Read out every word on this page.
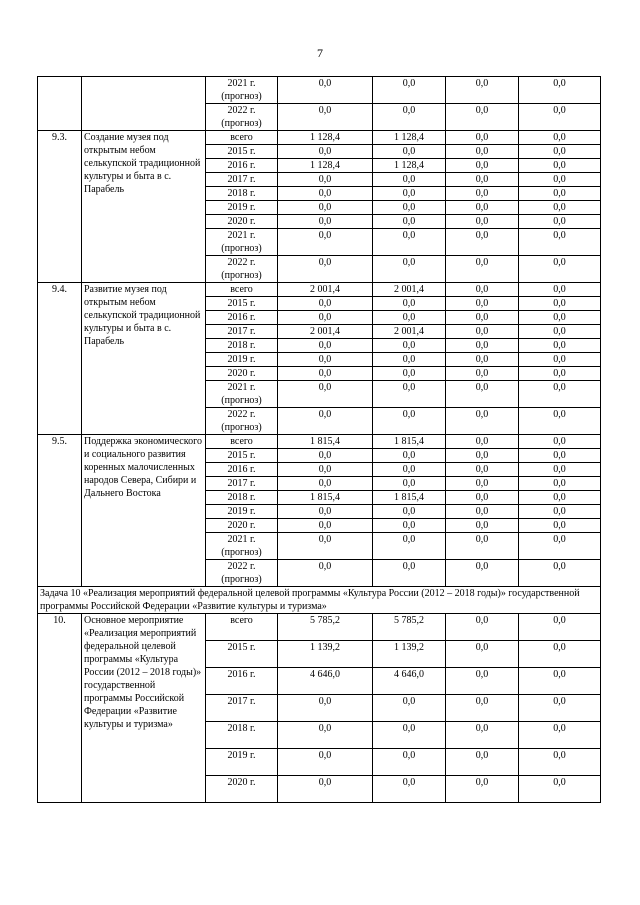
7
		2021 г. (прогноз)	0,0	0,0	0,0	0,0
		2022 г. (прогноз)	0,0	0,0	0,0	0,0
9.3.	Создание музея под открытым небом селькупской традиционной культуры и быта в с. Парабель	всего	1 128,4	1 128,4	0,0	0,0
		2015 г.	0,0	0,0	0,0	0,0
		2016 г.	1 128,4	1 128,4	0,0	0,0
		2017 г.	0,0	0,0	0,0	0,0
		2018 г.	0,0	0,0	0,0	0,0
		2019 г.	0,0	0,0	0,0	0,0
		2020 г.	0,0	0,0	0,0	0,0
		2021 г. (прогноз)	0,0	0,0	0,0	0,0
		2022 г. (прогноз)	0,0	0,0	0,0	0,0
9.4.	Развитие музея под открытым небом селькупской традиционной культуры и быта в с. Парабель	всего	2 001,4	2 001,4	0,0	0,0
		2015 г.	0,0	0,0	0,0	0,0
		2016 г.	0,0	0,0	0,0	0,0
		2017 г.	2 001,4	2 001,4	0,0	0,0
		2018 г.	0,0	0,0	0,0	0,0
		2019 г.	0,0	0,0	0,0	0,0
		2020 г.	0,0	0,0	0,0	0,0
		2021 г. (прогноз)	0,0	0,0	0,0	0,0
		2022 г. (прогноз)	0,0	0,0	0,0	0,0
9.5.	Поддержка экономического и социального развития коренных малочисленных народов Севера, Сибири и Дальнего Востока	всего	1 815,4	1 815,4	0,0	0,0
		2015 г.	0,0	0,0	0,0	0,0
		2016 г.	0,0	0,0	0,0	0,0
		2017 г.	0,0	0,0	0,0	0,0
		2018 г.	1 815,4	1 815,4	0,0	0,0
		2019 г.	0,0	0,0	0,0	0,0
		2020 г.	0,0	0,0	0,0	0,0
		2021 г. (прогноз)	0,0	0,0	0,0	0,0
		2022 г. (прогноз)	0,0	0,0	0,0	0,0
Задача 10 «Реализация мероприятий федеральной целевой программы «Культура России (2012 – 2018 годы)» государственной программы Российской Федерации «Развитие культуры и туризма»						
10.	Основное мероприятие «Реализация мероприятий федеральной целевой программы «Культура России (2012 – 2018 годы)» государственной программы Российской Федерации «Развитие культуры и туризма»	всего	5 785,2	5 785,2	0,0	0,0
		2015 г.	1 139,2	1 139,2	0,0	0,0
		2016 г.	4 646,0	4 646,0	0,0	0,0
		2017 г.	0,0	0,0	0,0	0,0
		2018 г.	0,0	0,0	0,0	0,0
		2019 г.	0,0	0,0	0,0	0,0
		2020 г.	0,0	0,0	0,0	0,0
